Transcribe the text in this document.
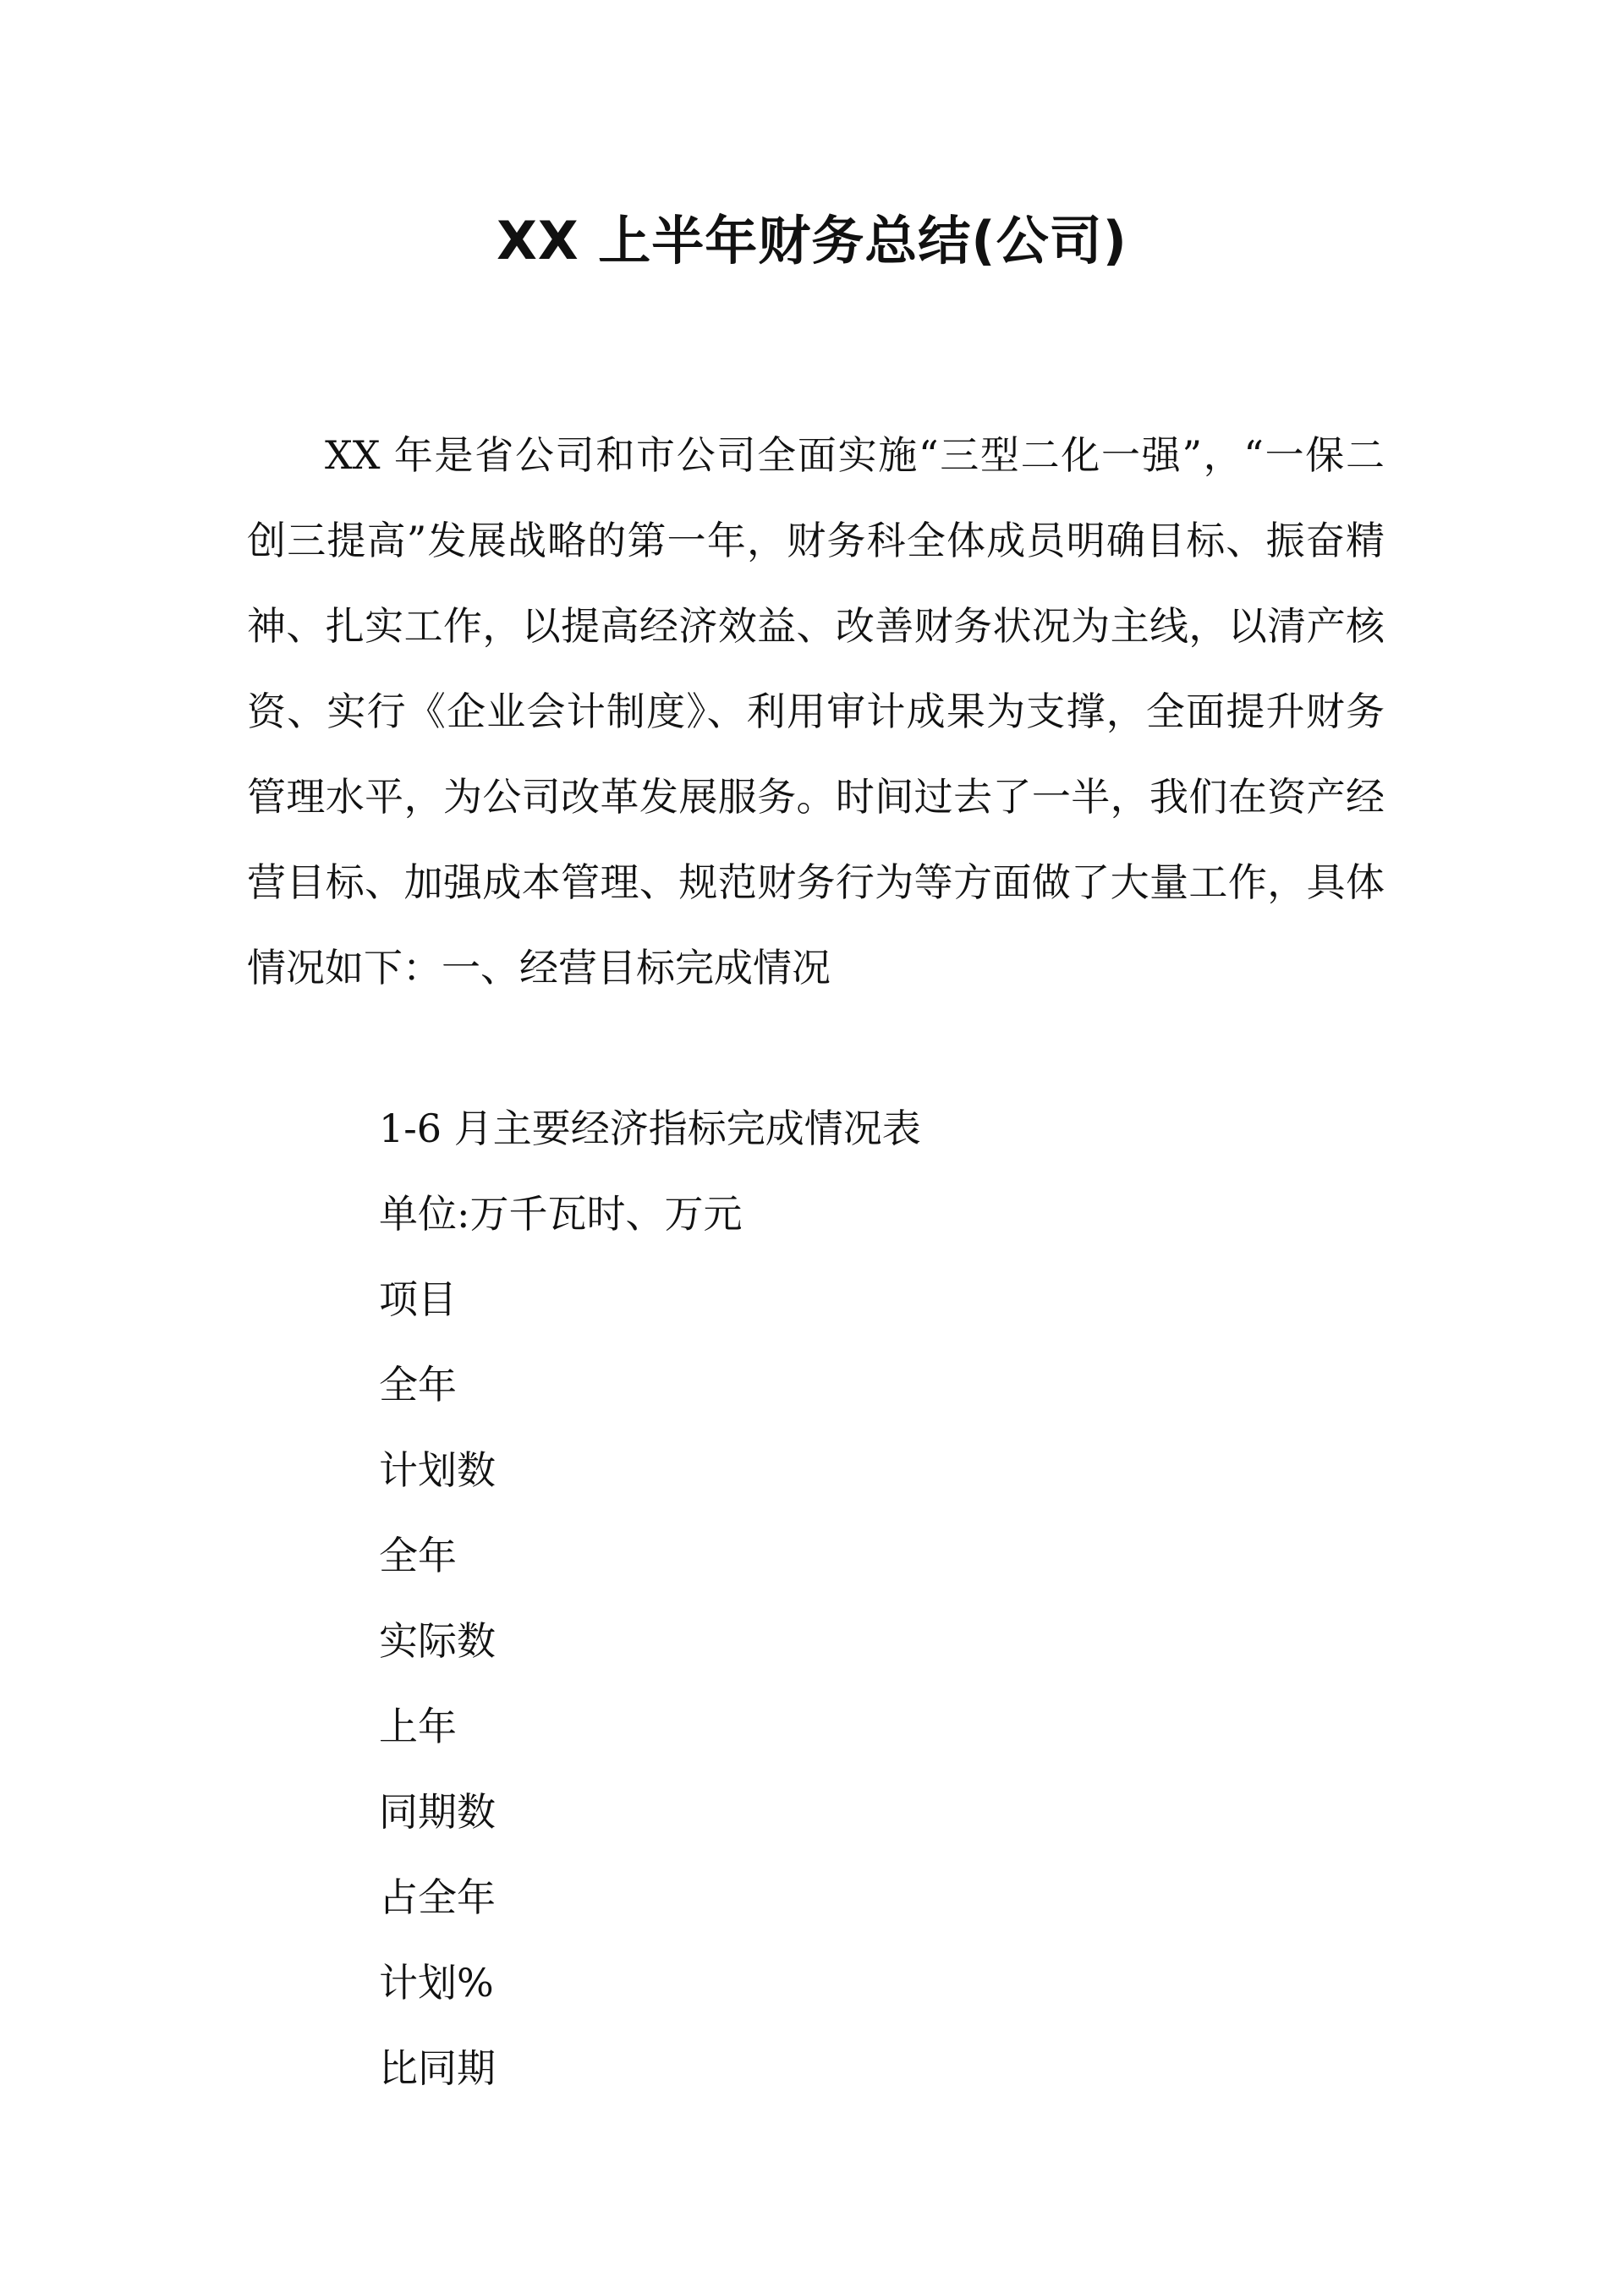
XX 上半年财务总结(公司)

XX 年是省公司和市公司全面实施“三型二化一强”，“一保二创三提高”发展战略的第一年，财务科全体成员明确目标、振奋精神、扎实工作，以提高经济效益、改善财务状况为主线，以清产核资、实行《企业会计制度》、利用审计成果为支撑，全面提升财务管理水平，为公司改革发展服务。时间过去了一半，我们在资产经营目标、加强成本管理、规范财务行为等方面做了大量工作，具体情况如下：一、经营目标完成情况

1-6 月主要经济指标完成情况表
单位:万千瓦时、万元
项目
全年
计划数
全年
实际数
上年
同期数
占全年
计划%
比同期
